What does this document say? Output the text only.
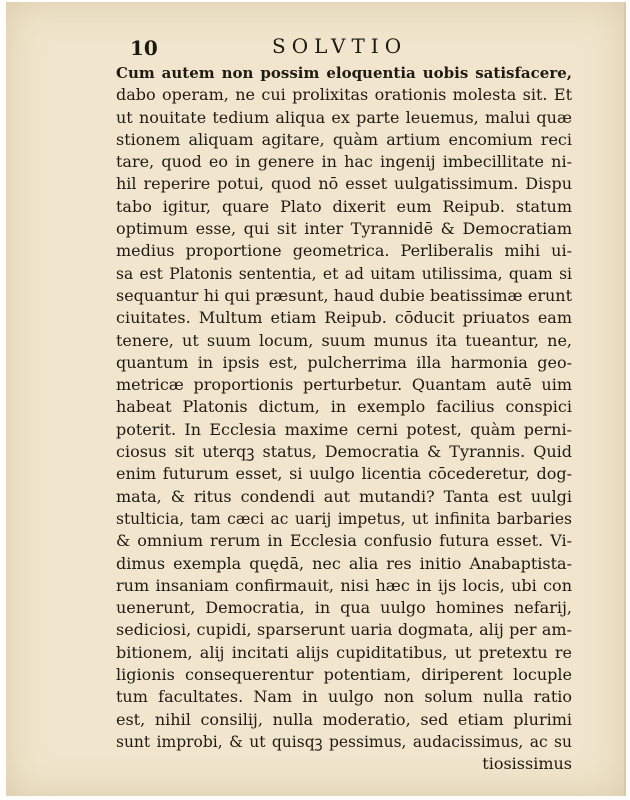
10	SOLVTIO
Cum autem non possim eloquentia uobis satisfacere,
dabo operam, ne cui prolixitas orationis molesta sit. Et
ut nouitate tedium aliqua ex parte leuemus, malui quæ
stionem aliquam agitare, quàm artium encomium reci
tare, quod eo in genere in hac ingenij imbecillitate ni-
hil reperire potui, quod nō esset uulgatissimum. Dispu
tabo igitur, quare Plato dixerit eum Reipub. statum
optimum esse, qui sit inter Tyrannidē & Democratiam
medius proportione geometrica. Perliberalis mihi ui-
sa est Platonis sententia, et ad uitam utilissima, quam si
sequantur hi qui præsunt, haud dubie beatissimæ erunt
ciuitates. Multum etiam Reipub. cōducit priuatos eam
tenere, ut suum locum, suum munus ita tueantur, ne,
quantum in ipsis est, pulcherrima illa harmonia geo-
metricæ proportionis perturbetur. Quantam autē uim
habeat Platonis dictum, in exemplo facilius conspici
poterit. In Ecclesia maxime cerni potest, quàm perni-
ciosus sit uterqꝫ status, Democratia & Tyrannis. Quid
enim futurum esset, si uulgo licentia cōcederetur, dog-
mata, & ritus condendi aut mutandi? Tanta est uulgi
stulticia, tam cæci ac uarij impetus, ut infinita barbaries
& omnium rerum in Ecclesia confusio futura esset. Vi-
dimus exempla quędā, nec alia res initio Anabaptista-
rum insaniam confirmauit, nisi hæc in ijs locis, ubi con
uenerunt, Democratia, in qua uulgo homines nefarij,
sediciosi, cupidi, sparserunt uaria dogmata, alij per am-
bitionem, alij incitati alijs cupiditatibus, ut pretextu re
ligionis consequerentur potentiam, diriperent locuple
tum facultates. Nam in uulgo non solum nulla ratio
est, nihil consilij, nulla moderatio, sed etiam plurimi
sunt improbi, & ut quisqꝫ pessimus, audacissimus, ac su
tiosissimus
